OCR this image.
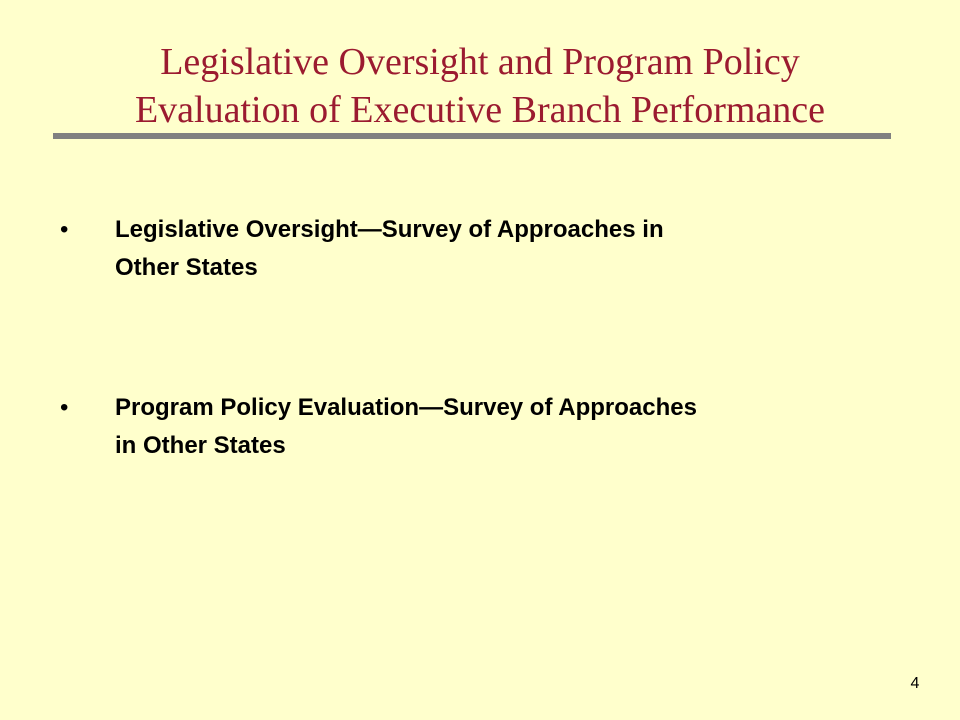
Legislative Oversight and Program Policy
Evaluation of Executive Branch Performance
• Legislative Oversight—Survey of Approaches in
Other States
• Program Policy Evaluation—Survey of Approaches
in Other States
4
